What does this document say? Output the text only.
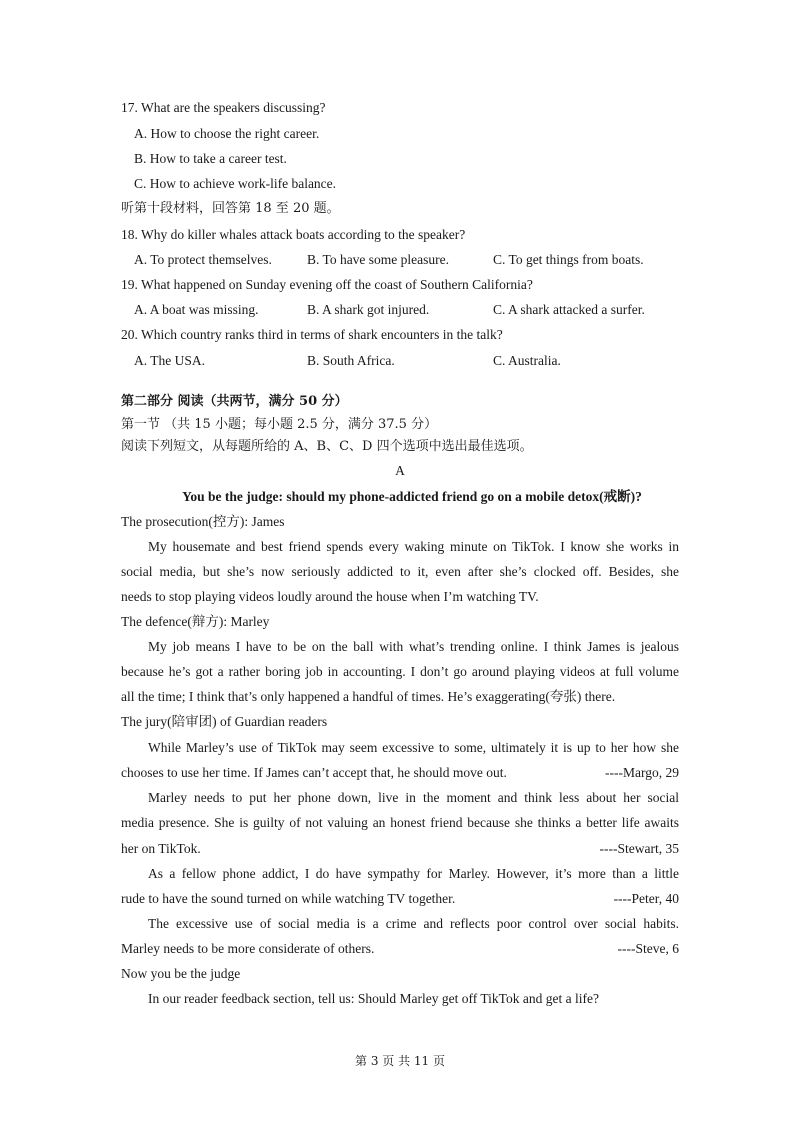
17. What are the speakers discussing?
A. How to choose the right career.
B. How to take a career test.
C. How to achieve work-life balance.
听第十段材料，回答第 18 至 20 题。
18. Why do killer whales attack boats according to the speaker?
A. To protect themselves.	B. To have some pleasure.	C. To get things from boats.
19. What happened on Sunday evening off the coast of Southern California?
A. A boat was missing.	B. A shark got injured.	C. A shark attacked a surfer.
20. Which country ranks third in terms of shark encounters in the talk?
A. The USA.	B. South Africa.	C. Australia.
第二部分 阅读（共两节，满分 50 分）
第一节 （共 15 小题；每小题 2.5 分，满分 37.5 分）
阅读下列短文，从每题所给的 A、B、C、D 四个选项中选出最佳选项。
A
You be the judge: should my phone-addicted friend go on a mobile detox(戒断)?
The prosecution(控方): James
My housemate and best friend spends every waking minute on TikTok. I know she works in
social media, but she’s now seriously addicted to it, even after she’s clocked off. Besides, she
needs to stop playing videos loudly around the house when I’m watching TV.
The defence(辩方): Marley
My job means I have to be on the ball with what’s trending online. I think James is jealous
because he’s got a rather boring job in accounting. I don’t go around playing videos at full volume
all the time; I think that’s only happened a handful of times. He’s exaggerating(夸张) there.
The jury(陪审团) of Guardian readers
While Marley’s use of TikTok may seem excessive to some, ultimately it is up to her how she
chooses to use her time. If James can’t accept that, he should move out.	----Margo, 29
Marley needs to put her phone down, live in the moment and think less about her social
media presence. She is guilty of not valuing an honest friend because she thinks a better life awaits
her on TikTok.	----Stewart, 35
As a fellow phone addict, I do have sympathy for Marley. However, it’s more than a little
rude to have the sound turned on while watching TV together.	----Peter, 40
The excessive use of social media is a crime and reflects poor control over social habits.
Marley needs to be more considerate of others.	----Steve, 6
Now you be the judge
In our reader feedback section, tell us: Should Marley get off TikTok and get a life?
第 3 页 共 11 页
